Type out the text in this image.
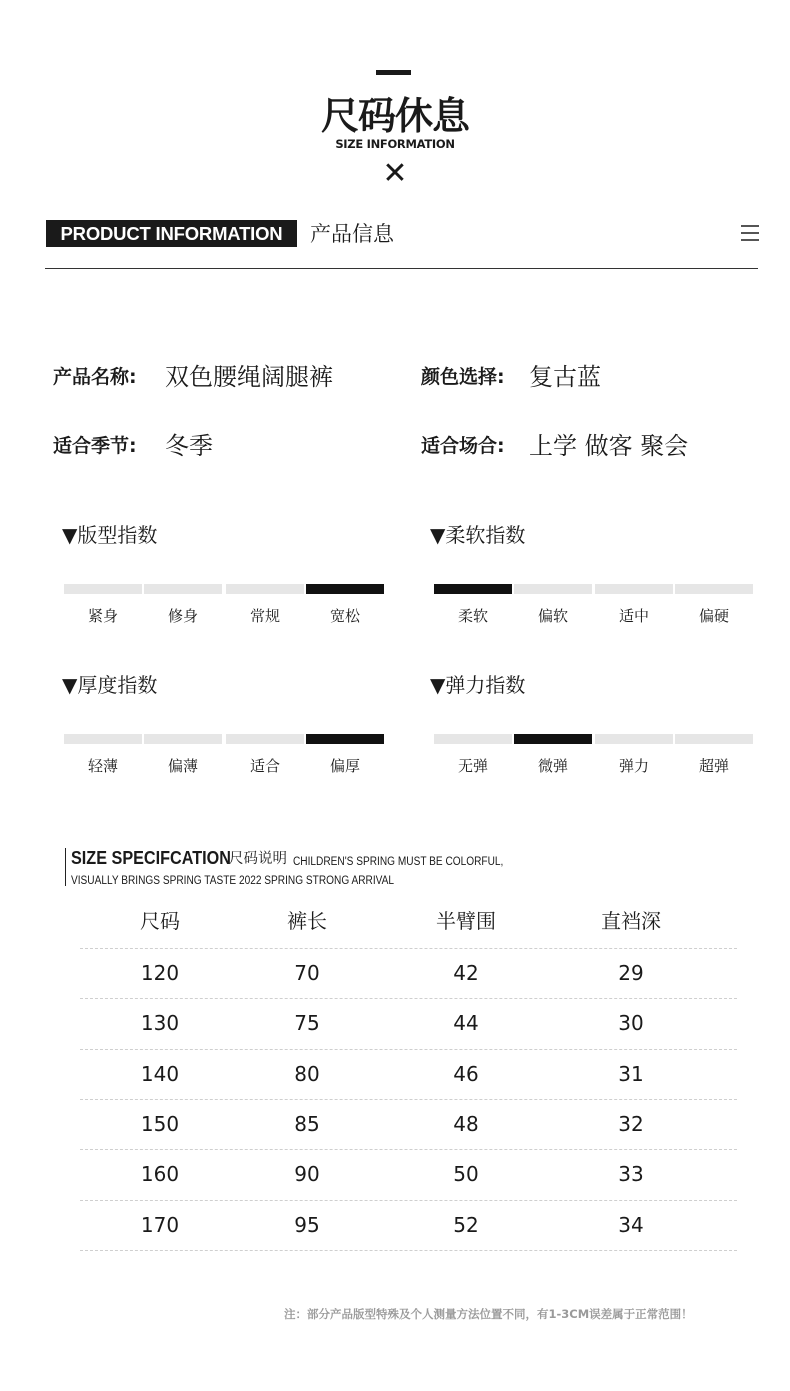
尺码休息
SIZE INFORMATION
✕
PRODUCT INFORMATION	产品信息
产品名称: 双色腰绳阔腿裤	颜色选择: 复古蓝
适合季节: 冬季	适合场合: 上学 做客 聚会
▼版型指数
紧身	修身	常规	宽松
▼柔软指数
柔软	偏软	适中	偏硬
▼厚度指数
轻薄	偏薄	适合	偏厚
▼弹力指数
无弹	微弹	弹力	超弹
SIZE SPECIFCATION
尺码说明 CHILDREN'S SPRING MUST BE COLORFUL,
VISUALLY BRINGS SPRING TASTE 2022 SPRING STRONG ARRIVAL
尺码	裤长	半臂围	直裆深
120	70	42	29
130	75	44	30
140	80	46	31
150	85	48	32
160	90	50	33
170	95	52	34
注：部分产品版型特殊及个人测量方法位置不同，有1-3CM误差属于正常范围！
